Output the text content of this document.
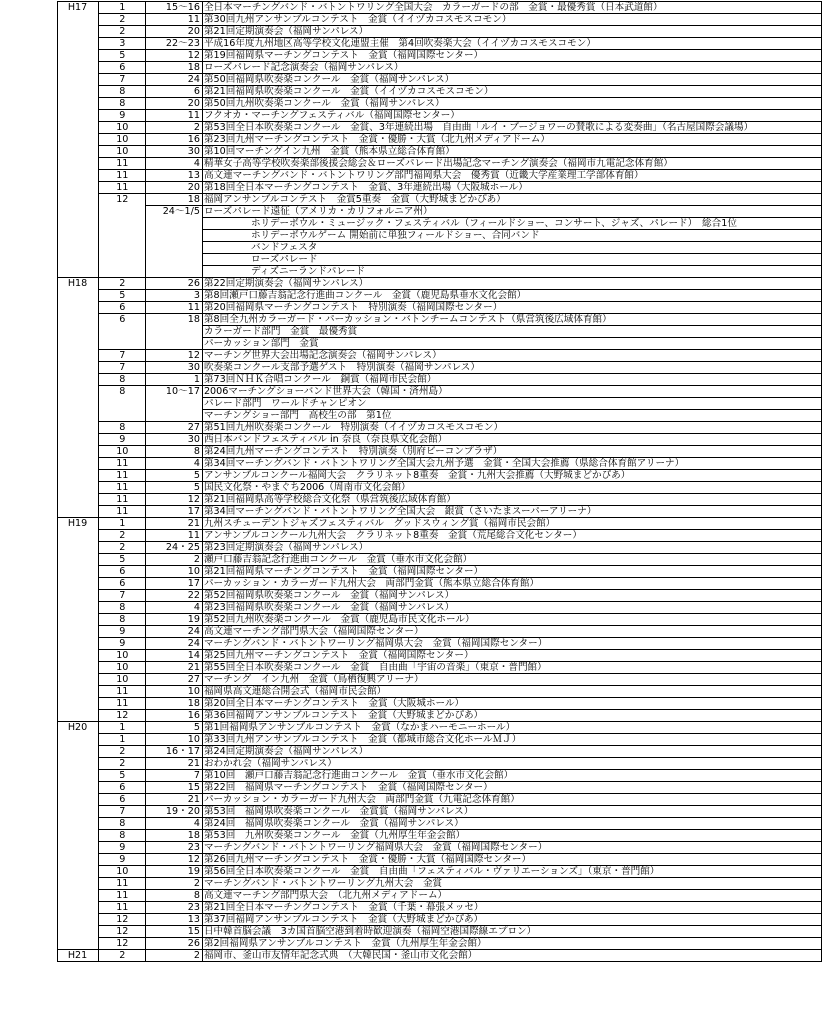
H17	1	15～16	全日本マーチングバンド・バトントワリング全国大会　カラーガードの部　金賞・最優秀賞（日本武道館）
	2	11	第30回九州アンサンブルコンテスト　金賞（イイヅカコスモスコモン）
	2	20	第21回定期演奏会（福岡サンパレス）
	3	22～23	平成16年度九州地区高等学校文化連盟主催　第4回吹奏楽大会（イイヅカコスモスコモン）
	5	12	第19回福岡県マーチングコンテスト　金賞（福岡国際センター）
	6	18	ローズパレード記念演奏会（福岡サンパレス）
	7	24	第50回福岡県吹奏楽コンクール　金賞（福岡サンパレス）
	8	6	第21回福岡県吹奏楽コンクール　金賞（イイヅカコスモスコモン）
	8	20	第50回九州吹奏楽コンクール　金賞（福岡サンパレス）
	9	11	フクオカ・マーチングフェスティバル（福岡国際センター）
	10	2	第53回全日本吹奏楽コンクール　金賞、3年連続出場　自由曲「ルイ・ブージョワーの賛歌による変奏曲」（名古屋国際会議場）
	10	16	第23回九州マーチングコンテスト　金賞・優勝・大賞（北九州メディアドーム）
	10	30	第10回マーチングイン九州　金賞（熊本県立総合体育館）
	11	4	精華女子高等学校吹奏楽部後援会総会＆ローズパレード出場記念マーチング演奏会（福岡市九電記念体育館）
	11	13	高文連マーチングバンド・バトントワリング部門福岡県大会　優秀賞（近畿大学産業理工学部体育館）
	11	20	第18回全日本マーチングコンテスト　金賞、3年連続出場（大阪城ホール）
	12	18	福岡アンサンブルコンテスト　金賞5重奏　金賞（大野城まどかぴあ）
		24～1/5	ローズパレード遠征（アメリカ・カリフォルニア州）
			ホリデーボウル・ミュージック・フェスティバル（フィールドショー、コンサート、ジャズ、パレード）　総合1位
			ホリデーボウルゲーム 開始前に単独フィールドショー、合同バンド
			バンドフェスタ
			ローズパレード
			ディズニーランドパレード
H18	2	26	第22回定期演奏会（福岡サンパレス）
	5	3	第8回瀬戸口藤吉翁記念行進曲コンクール　金賞（鹿児島県垂水文化会館）
	6	11	第20回福岡県マーチングコンテスト　特別演奏（福岡国際センター）
	6	18	第8回全九州カラーガード・パーカッション・バトンチームコンテスト（県営筑後広域体育館）
			カラーガード部門　金賞　最優秀賞
			パーカッション部門　金賞
	7	12	マーチング世界大会出場記念演奏会（福岡サンパレス）
	7	30	吹奏楽コンクール支部予選ゲスト　特別演奏（福岡サンパレス）
	8	1	第73回ＮＨＫ合唱コンクール　銅賞（福岡市民会館）
	8	10～17	2006マーチングショーバンド世界大会（韓国・済州島）
			パレード部門　ワールドチャンピオン
			マーチングショー部門　高校生の部　第1位
	8	27	第51回九州吹奏楽コンクール　特別演奏（イイヅカコスモスコモン）
	9	30	西日本バンドフェスティバル in 奈良（奈良県文化会館）
	10	8	第24回九州マーチングコンテスト　特別演奏（別府ビーコンプラザ）
	11	4	第34回マーチングバンド・バトントワリング全国大会九州予選　金賞・全国大会推薦（県総合体育館アリーナ）
	11	5	アンサンブルコンクール福岡大会　クラリネット8重奏　金賞・九州大会推薦（大野城まどかぴあ）
	11	5	国民文化祭・やまぐち2006（周南市文化会館）
	11	12	第21回福岡県高等学校総合文化祭（県営筑後広域体育館）
	11	17	第34回マーチングバンド・バトントワリング全国大会　銀賞（さいたまスーパーアリーナ）
H19	1	21	九州スチューデントジャズフェスティバル　グッドスウィング賞（福岡市民会館）
	2	11	アンサンブルコンクール九州大会　クラリネット8重奏　金賞（荒尾総合文化センター）
	2	24・25	第23回定期演奏会（福岡サンパレス）
	5	2	瀬戸口藤吉翁記念行進曲コンクール　金賞（垂水市文化会館）
	6	10	第21回福岡県マーチングコンテスト　金賞（福岡国際センター）
	6	17	パーカッション・カラーガード九州大会　両部門金賞（熊本県立総合体育館）
	7	22	第52回福岡県吹奏楽コンクール　金賞（福岡サンパレス）
	8	4	第23回福岡県吹奏楽コンクール　金賞（福岡サンパレス）
	8	19	第52回九州吹奏楽コンクール　金賞（鹿児島市民文化ホール）
	9	24	高文連マーチング部門県大会（福岡国際センター）
	9	24	マーチングバンド・バトントワーリング福岡県大会　金賞（福岡国際センター）
	10	14	第25回九州マーチングコンテスト　金賞（福岡国際センター）
	10	21	第55回全日本吹奏楽コンクール　金賞　自由曲「宇宙の音楽」（東京・普門館）
	10	27	マーチング　イン九州　金賞（鳥栖復興アリーナ）
	11	10	福岡県高文連総合開会式（福岡市民会館）
	11	18	第20回全日本マーチングコンテスト　金賞（大阪城ホール）
	12	16	第36回福岡アンサンブルコンテスト　金賞（大野城まどかぴあ）
H20	1	5	第1回福岡県アンサンブルコンテスト　金賞（なかまハーモニーホール）
	1	10	第33回九州アンサンブルコンテスト　金賞（都城市総合文化ホールＭＪ）
	2	16・17	第24回定期演奏会（福岡サンパレス）
	2	21	おわかれ会（福岡サンパレス）
	5	7	第10回　瀬戸口藤吉翁記念行進曲コンクール　金賞（垂水市文化会館）
	6	15	第22回　福岡県マーチングコンテスト　金賞（福岡国際センター）
	6	21	パーカッション・カラーガード九州大会　両部門金賞（九電記念体育館）
	7	19・20	第53回　福岡県吹奏楽コンクール　金賞賞（福岡サンパレス）
	8	4	第24回　福岡県吹奏楽コンクール　金賞（福岡サンパレス）
	8	18	第53回　九州吹奏楽コンクール　金賞（九州厚生年金会館）
	9	23	マーチングバンド・バトントワーリング福岡県大会　金賞（福岡国際センター）
	9	12	第26回九州マーチングコンテスト　金賞・優勝・大賞（福岡国際センター）
	10	19	第56回全日本吹奏楽コンクール　金賞　自由曲「フェスティバル・ヴァリエーションズ」（東京・普門館）
	11	2	マーチングバンド・バトントワーリング九州大会　金賞
	11	8	高文連マーチング部門県大会　（北九州メディアドーム）
	11	23	第21回全日本マーチングコンテスト　金賞（千葉・幕張メッセ）
	12	13	第37回福岡アンサンブルコンテスト　金賞（大野城まどかぴあ）
	12	15	日中韓首脳会議　3カ国首脳空港到着時歓迎演奏（福岡空港国際線エプロン）
	12	26	第2回福岡県アンサンブルコンテスト　金賞（九州厚生年金会館）
H21	2	2	福岡市、釜山市友情年記念式典　（大韓民国・釜山市文化会館）
